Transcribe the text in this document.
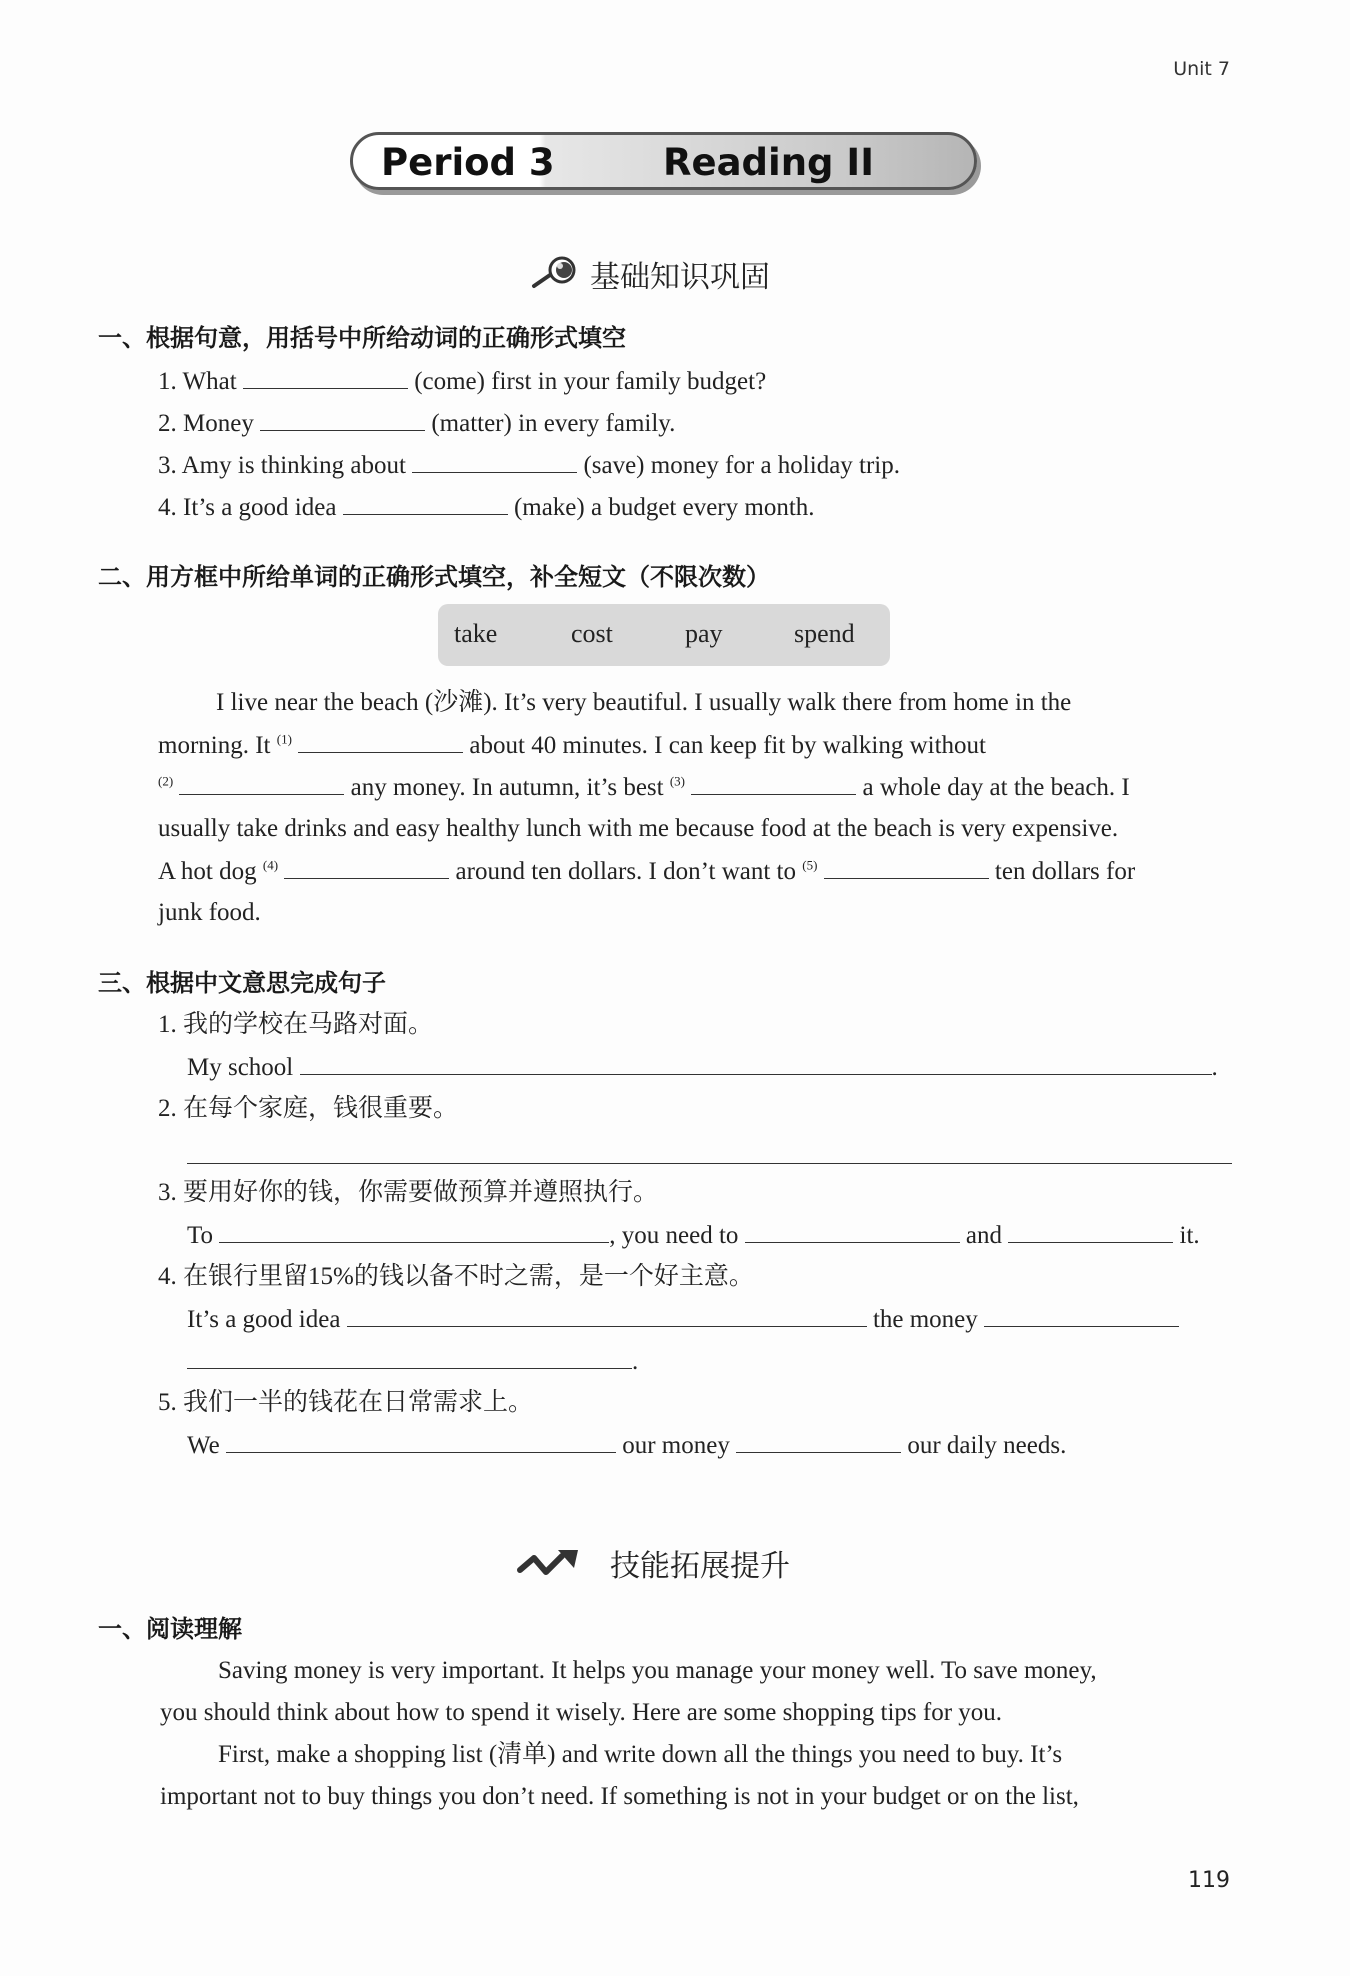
Unit 7
Period 3	Reading II
基础知识巩固
一、根据句意，用括号中所给动词的正确形式填空
1. What	(come) first in your family budget?
2. Money	(matter) in every family.
3. Amy is thinking about	(save) money for a holiday trip.
4. It’s a good idea	(make) a budget every month.
二、用方框中所给单词的正确形式填空，补全短文（不限次数）
take	cost	pay	spend
I live near the beach (沙滩). It’s very beautiful. I usually walk there from home in the
morning. It $^{(1)}$	about 40 minutes. I can keep fit by walking without
$^{(2)}$	any money. In autumn, it’s best $^{(3)}$	a whole day at the beach. I
usually take drinks and easy healthy lunch with me because food at the beach is very expensive.
A hot dog $^{(4)}$	around ten dollars. I don’t want to $^{(5)}$	ten dollars for
junk food.
三、根据中文意思完成句子
1. 我的学校在马路对面。
My school	.
2. 在每个家庭，钱很重要。
3. 要用好你的钱，你需要做预算并遵照执行。
To	, you need to	and	it.
4. 在银行里留15%的钱以备不时之需，是一个好主意。
It’s a good idea	the money
.
5. 我们一半的钱花在日常需求上。
We	our money	our daily needs.
技能拓展提升
一、阅读理解
Saving money is very important. It helps you manage your money well. To save money,
you should think about how to spend it wisely. Here are some shopping tips for you.
First, make a shopping list (清单) and write down all the things you need to buy. It’s
important not to buy things you don’t need. If something is not in your budget or on the list,
119
